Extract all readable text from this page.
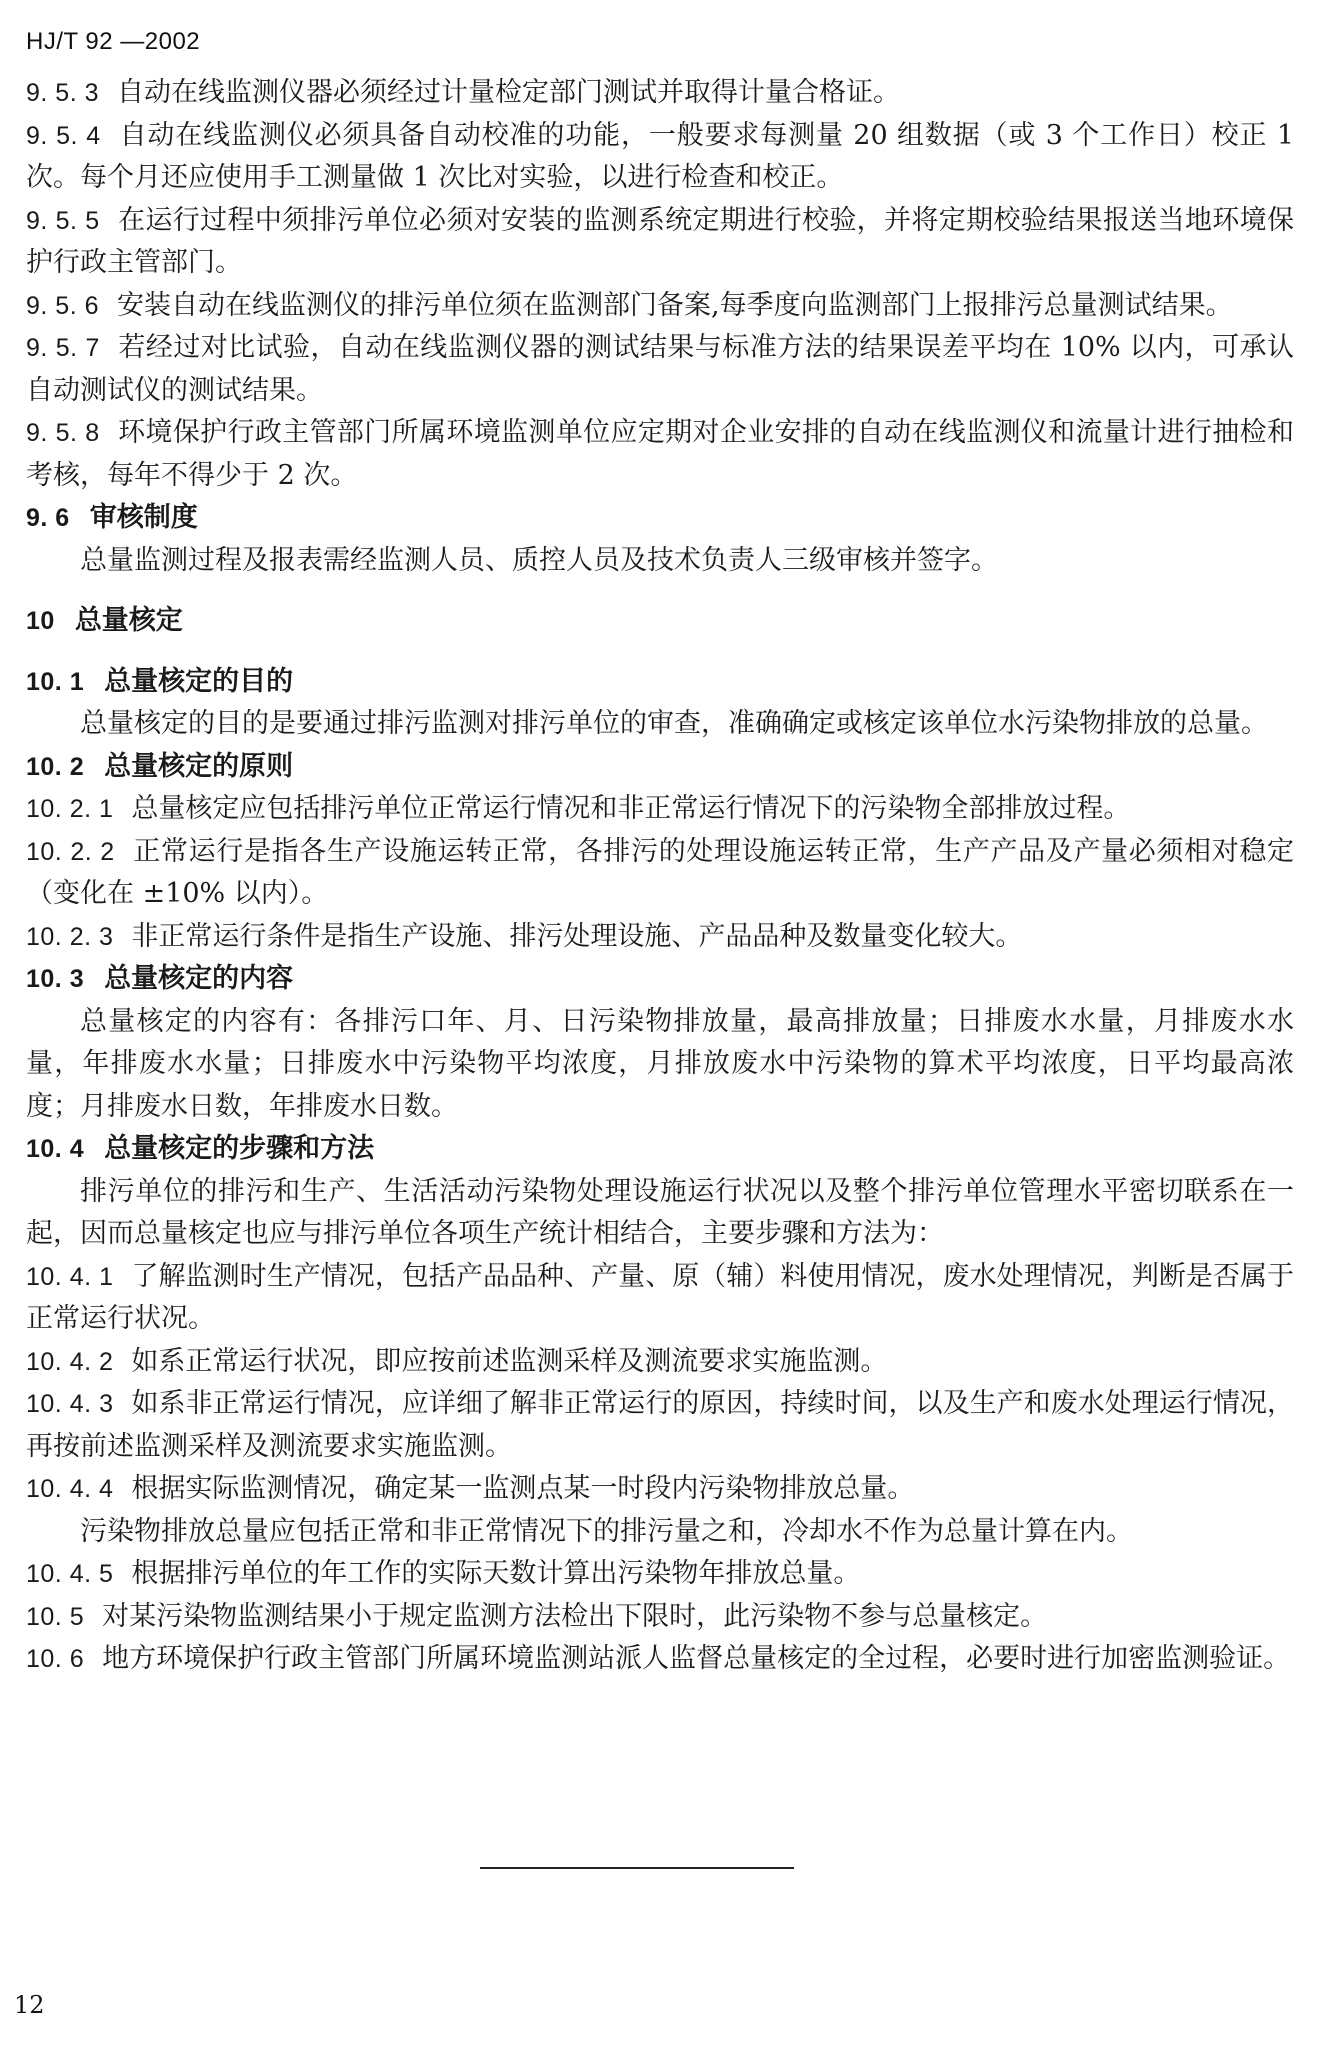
HJ/T 92 —2002
9. 5. 3 自动在线监测仪器必须经过计量检定部门测试并取得计量合格证。
9. 5. 4 自动在线监测仪必须具备自动校准的功能，一般要求每测量 20 组数据（或 3 个工作日）校正 1 次。每个月还应使用手工测量做 1 次比对实验，以进行检查和校正。
9. 5. 5 在运行过程中须排污单位必须对安装的监测系统定期进行校验，并将定期校验结果报送当地环境保护行政主管部门。
9. 5. 6 安装自动在线监测仪的排污单位须在监测部门备案,每季度向监测部门上报排污总量测试结果。
9. 5. 7 若经过对比试验，自动在线监测仪器的测试结果与标准方法的结果误差平均在 10% 以内，可承认自动测试仪的测试结果。
9. 5. 8 环境保护行政主管部门所属环境监测单位应定期对企业安排的自动在线监测仪和流量计进行抽检和考核，每年不得少于 2 次。
9. 6 审核制度
总量监测过程及报表需经监测人员、质控人员及技术负责人三级审核并签字。
10 总量核定
10. 1 总量核定的目的
总量核定的目的是要通过排污监测对排污单位的审查，准确确定或核定该单位水污染物排放的总量。
10. 2 总量核定的原则
10. 2. 1 总量核定应包括排污单位正常运行情况和非正常运行情况下的污染物全部排放过程。
10. 2. 2 正常运行是指各生产设施运转正常，各排污的处理设施运转正常，生产产品及产量必须相对稳定（变化在 ±10% 以内）。
10. 2. 3 非正常运行条件是指生产设施、排污处理设施、产品品种及数量变化较大。
10. 3 总量核定的内容
总量核定的内容有：各排污口年、月、日污染物排放量，最高排放量；日排废水水量，月排废水水量，年排废水水量；日排废水中污染物平均浓度，月排放废水中污染物的算术平均浓度，日平均最高浓度；月排废水日数，年排废水日数。
10. 4 总量核定的步骤和方法
排污单位的排污和生产、生活活动污染物处理设施运行状况以及整个排污单位管理水平密切联系在一起，因而总量核定也应与排污单位各项生产统计相结合，主要步骤和方法为：
10. 4. 1 了解监测时生产情况，包括产品品种、产量、原（辅）料使用情况，废水处理情况，判断是否属于正常运行状况。
10. 4. 2 如系正常运行状况，即应按前述监测采样及测流要求实施监测。
10. 4. 3 如系非正常运行情况，应详细了解非正常运行的原因，持续时间，以及生产和废水处理运行情况，再按前述监测采样及测流要求实施监测。
10. 4. 4 根据实际监测情况，确定某一监测点某一时段内污染物排放总量。
污染物排放总量应包括正常和非正常情况下的排污量之和，冷却水不作为总量计算在内。
10. 4. 5 根据排污单位的年工作的实际天数计算出污染物年排放总量。
10. 5 对某污染物监测结果小于规定监测方法检出下限时，此污染物不参与总量核定。
10. 6 地方环境保护行政主管部门所属环境监测站派人监督总量核定的全过程，必要时进行加密监测验证。
12
